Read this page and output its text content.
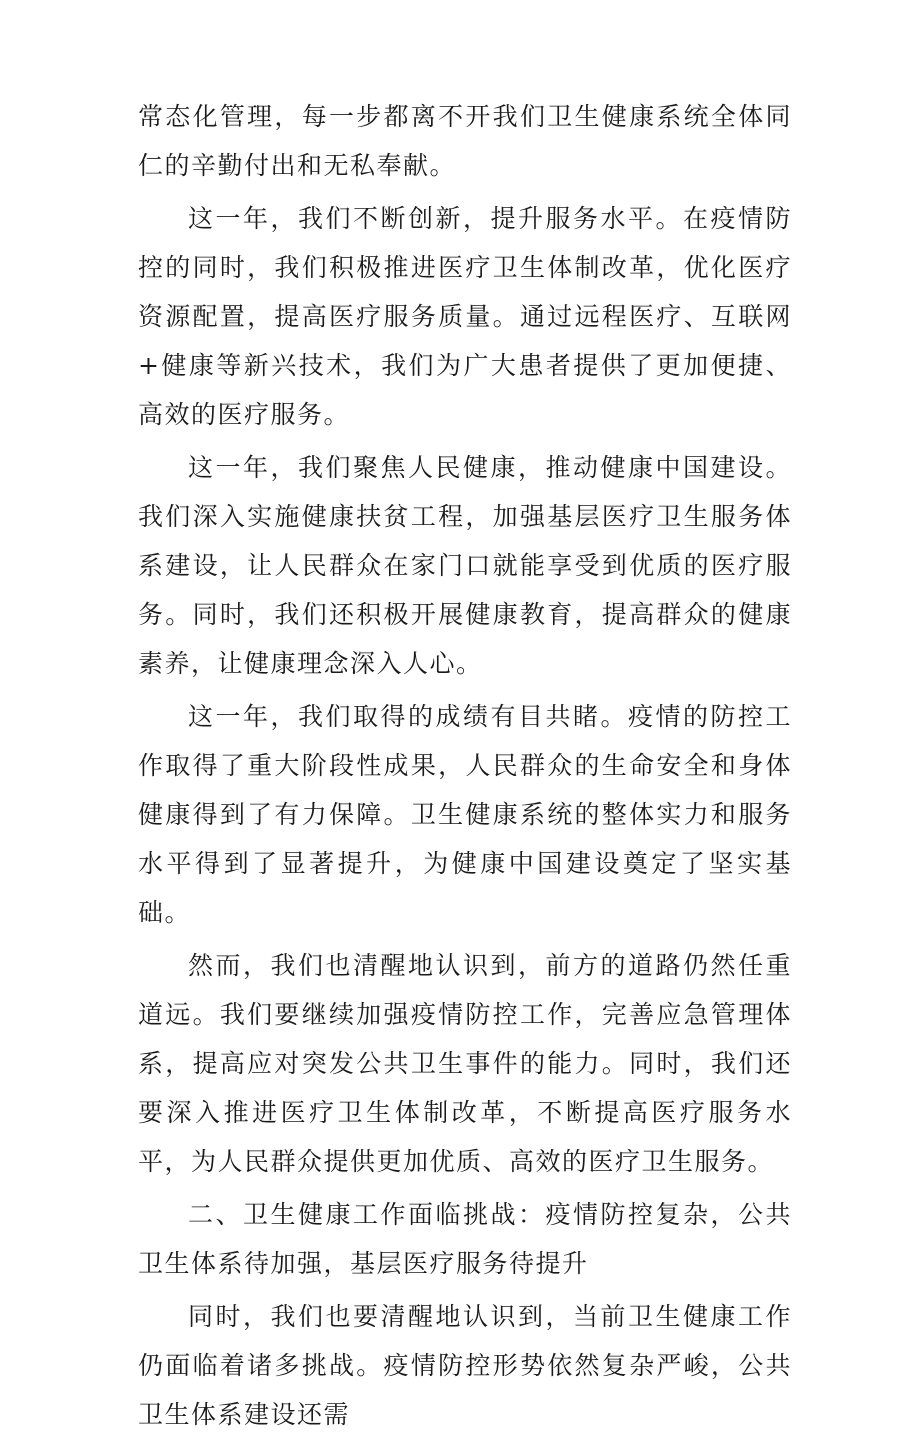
常态化管理，每一步都离不开我们卫生健康系统全体同仁的辛勤付出和无私奉献。

这一年，我们不断创新，提升服务水平。在疫情防控的同时，我们积极推进医疗卫生体制改革，优化医疗资源配置，提高医疗服务质量。通过远程医疗、互联网+健康等新兴技术，我们为广大患者提供了更加便捷、高效的医疗服务。

这一年，我们聚焦人民健康，推动健康中国建设。我们深入实施健康扶贫工程，加强基层医疗卫生服务体系建设，让人民群众在家门口就能享受到优质的医疗服务。同时，我们还积极开展健康教育，提高群众的健康素养，让健康理念深入人心。

这一年，我们取得的成绩有目共睹。疫情的防控工作取得了重大阶段性成果，人民群众的生命安全和身体健康得到了有力保障。卫生健康系统的整体实力和服务水平得到了显著提升，为健康中国建设奠定了坚实基础。

然而，我们也清醒地认识到，前方的道路仍然任重道远。我们要继续加强疫情防控工作，完善应急管理体系，提高应对突发公共卫生事件的能力。同时，我们还要深入推进医疗卫生体制改革，不断提高医疗服务水平，为人民群众提供更加优质、高效的医疗卫生服务。

二、卫生健康工作面临挑战：疫情防控复杂，公共卫生体系待加强，基层医疗服务待提升

同时，我们也要清醒地认识到，当前卫生健康工作仍面临着诸多挑战。疫情防控形势依然复杂严峻，公共卫生体系建设还需
